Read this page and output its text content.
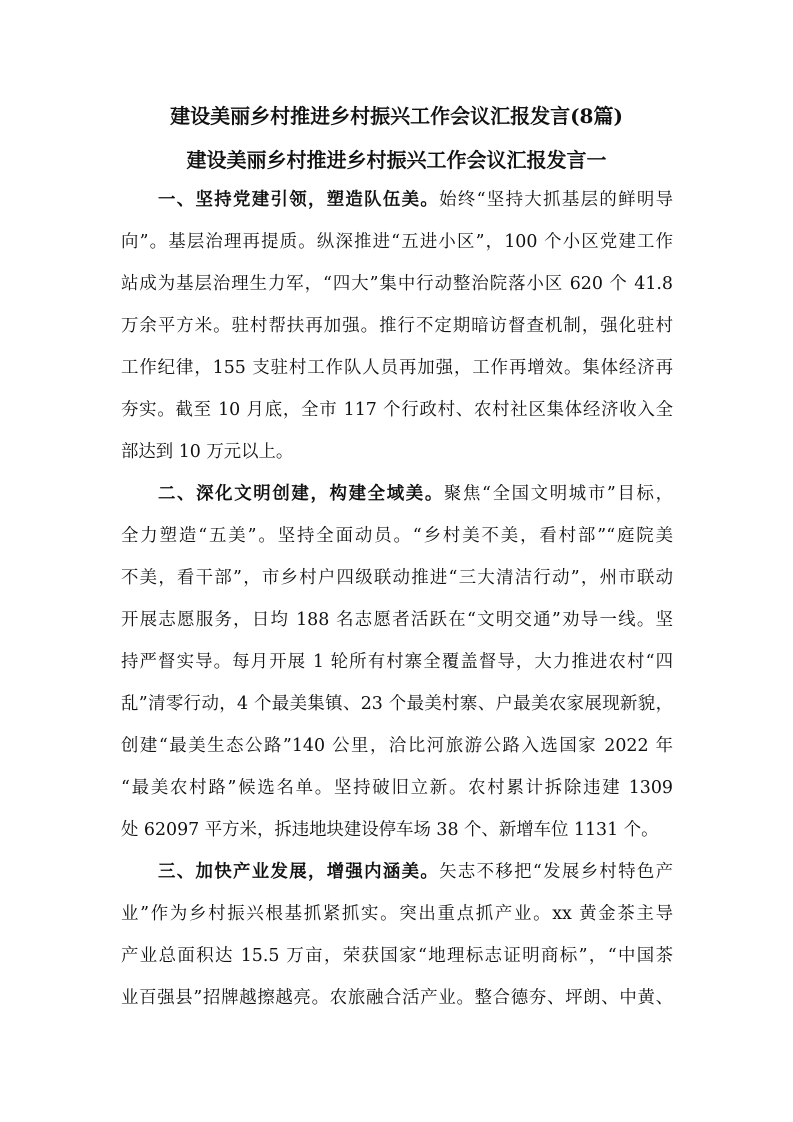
建设美丽乡村推进乡村振兴工作会议汇报发言(8篇)
建设美丽乡村推进乡村振兴工作会议汇报发言一
一、坚持党建引领，塑造队伍美。始终“坚持大抓基层的鲜明导
向”。基层治理再提质。纵深推进“五进小区”，100 个小区党建工作
站成为基层治理生力军，“四大”集中行动整治院落小区 620 个 41.8
万余平方米。驻村帮扶再加强。推行不定期暗访督查机制，强化驻村
工作纪律，155 支驻村工作队人员再加强，工作再增效。集体经济再
夯实。截至 10 月底，全市 117 个行政村、农村社区集体经济收入全
部达到 10 万元以上。
二、深化文明创建，构建全域美。聚焦“全国文明城市”目标，
全力塑造“五美”。坚持全面动员。“乡村美不美，看村部”“庭院美
不美，看干部”，市乡村户四级联动推进“三大清洁行动”，州市联动
开展志愿服务，日均 188 名志愿者活跃在“文明交通”劝导一线。坚
持严督实导。每月开展 1 轮所有村寨全覆盖督导，大力推进农村“四
乱”清零行动，4 个最美集镇、23 个最美村寨、户最美农家展现新貌，
创建“最美生态公路”140 公里，洽比河旅游公路入选国家 2022 年
“最美农村路”候选名单。坚持破旧立新。农村累计拆除违建 1309
处 62097 平方米，拆违地块建设停车场 38 个、新增车位 1131 个。
三、加快产业发展，增强内涵美。矢志不移把“发展乡村特色产
业”作为乡村振兴根基抓紧抓实。突出重点抓产业。xx 黄金茶主导
产业总面积达 15.5 万亩，荣获国家“地理标志证明商标”，“中国茶
业百强县”招牌越擦越亮。农旅融合活产业。整合德夯、坪朗、中黄、
